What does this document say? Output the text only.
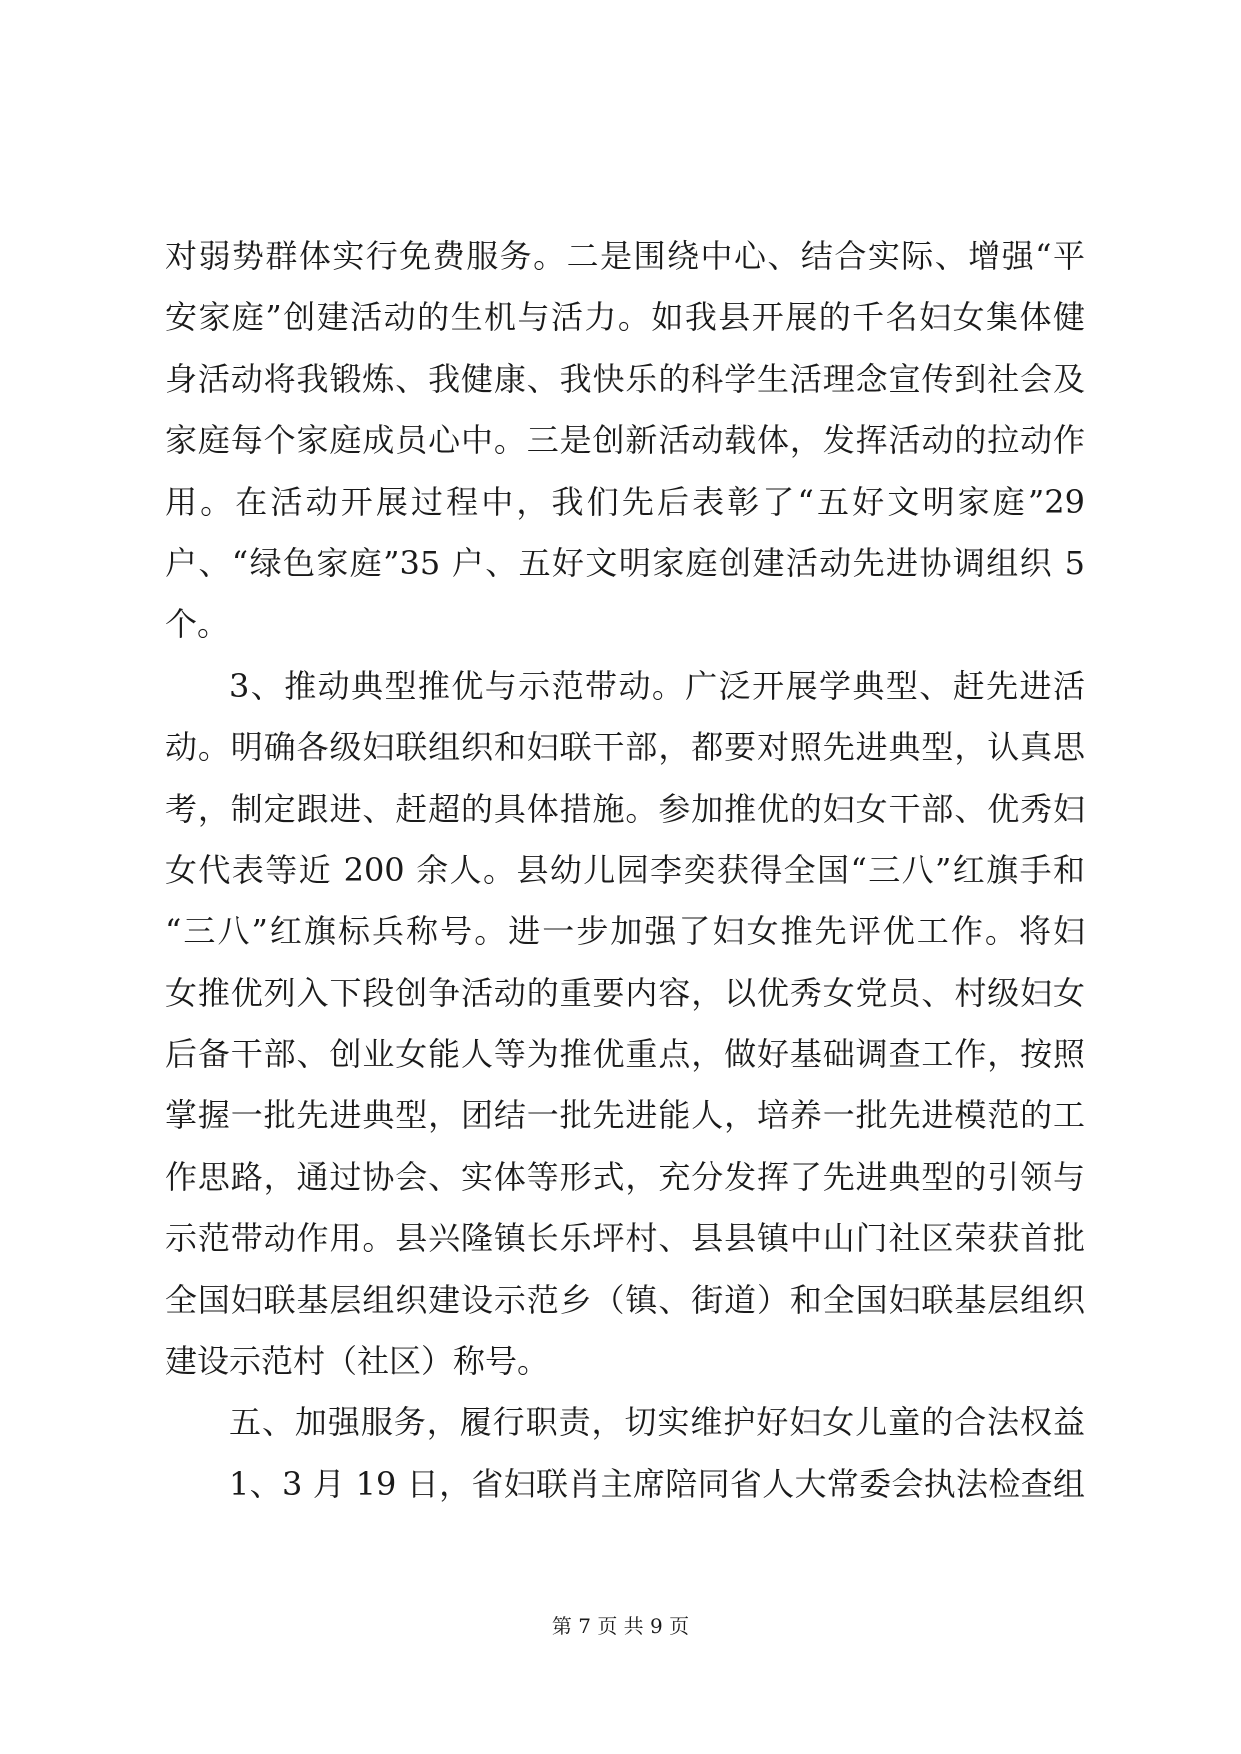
对弱势群体实行免费服务。二是围绕中心、结合实际、增强“平
安家庭”创建活动的生机与活力。如我县开展的千名妇女集体健
身活动将我锻炼、我健康、我快乐的科学生活理念宣传到社会及
家庭每个家庭成员心中。三是创新活动载体，发挥活动的拉动作
用。在活动开展过程中，我们先后表彰了“五好文明家庭”29
户、“绿色家庭”35 户、五好文明家庭创建活动先进协调组织 5
个。
3、推动典型推优与示范带动。广泛开展学典型、赶先进活
动。明确各级妇联组织和妇联干部，都要对照先进典型，认真思
考，制定跟进、赶超的具体措施。参加推优的妇女干部、优秀妇
女代表等近 200 余人。县幼儿园李奕获得全国“三八”红旗手和
“三八”红旗标兵称号。进一步加强了妇女推先评优工作。将妇
女推优列入下段创争活动的重要内容，以优秀女党员、村级妇女
后备干部、创业女能人等为推优重点，做好基础调查工作，按照
掌握一批先进典型，团结一批先进能人，培养一批先进模范的工
作思路，通过协会、实体等形式，充分发挥了先进典型的引领与
示范带动作用。县兴隆镇长乐坪村、县县镇中山门社区荣获首批
全国妇联基层组织建设示范乡（镇、街道）和全国妇联基层组织
建设示范村（社区）称号。
五、加强服务，履行职责，切实维护好妇女儿童的合法权益
1、3 月 19 日，省妇联肖主席陪同省人大常委会执法检查组
第 7 页 共 9 页
